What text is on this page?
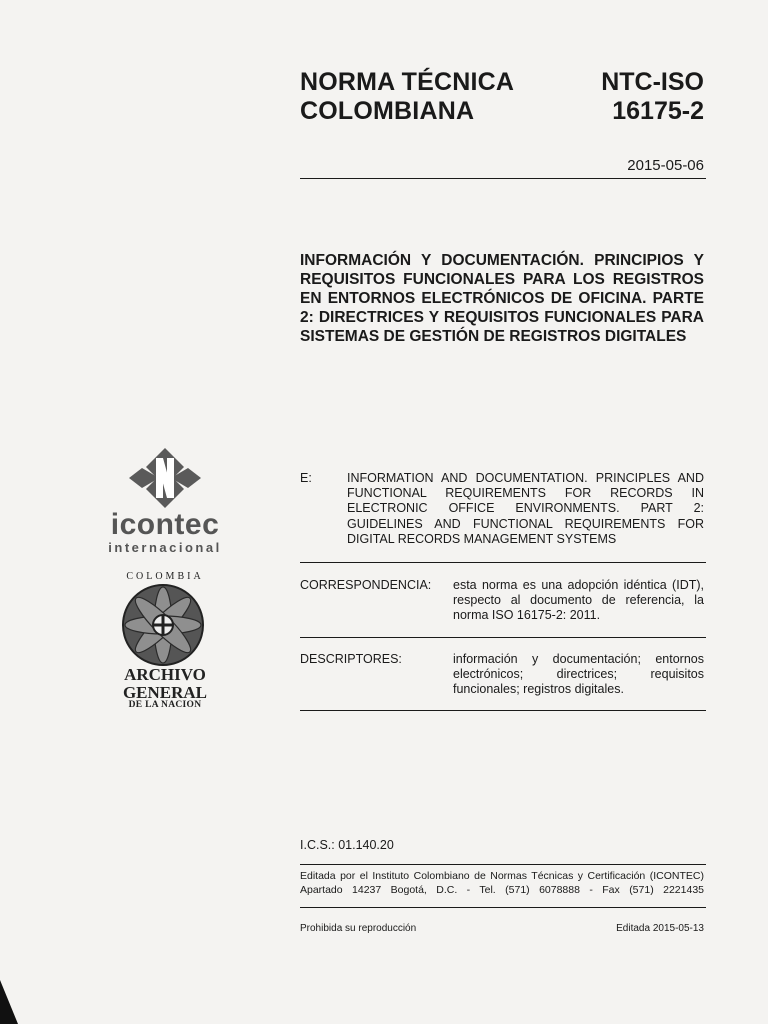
NORMA TÉCNICA
COLOMBIANA
NTC-ISO
16175-2
2015-05-06
INFORMACIÓN Y DOCUMENTACIÓN. PRINCIPIOS Y REQUISITOS FUNCIONALES PARA LOS REGISTROS EN ENTORNOS ELECTRÓNICOS DE OFICINA. PARTE 2: DIRECTRICES Y REQUISITOS FUNCIONALES PARA SISTEMAS DE GESTIÓN DE REGISTROS DIGITALES
icontec
internacional
COLOMBIA
ARCHIVO
GENERAL
DE LA NACION
E:	INFORMATION AND DOCUMENTATION. PRINCIPLES AND FUNCTIONAL REQUIREMENTS FOR RECORDS IN ELECTRONIC OFFICE ENVIRONMENTS. PART 2: GUIDELINES AND FUNCTIONAL REQUIREMENTS FOR DIGITAL RECORDS MANAGEMENT SYSTEMS
CORRESPONDENCIA: esta norma es una adopción idéntica (IDT), respecto al documento de referencia, la norma ISO 16175-2: 2011.
DESCRIPTORES:	información y documentación; entornos electrónicos; directrices; requisitos funcionales; registros digitales.
I.C.S.: 01.140.20
Editada por el Instituto Colombiano de Normas Técnicas y Certificación (ICONTEC)
Apartado 14237 Bogotá, D.C. - Tel. (571) 6078888 - Fax (571) 2221435
Prohibida su reproducción	Editada 2015-05-13
